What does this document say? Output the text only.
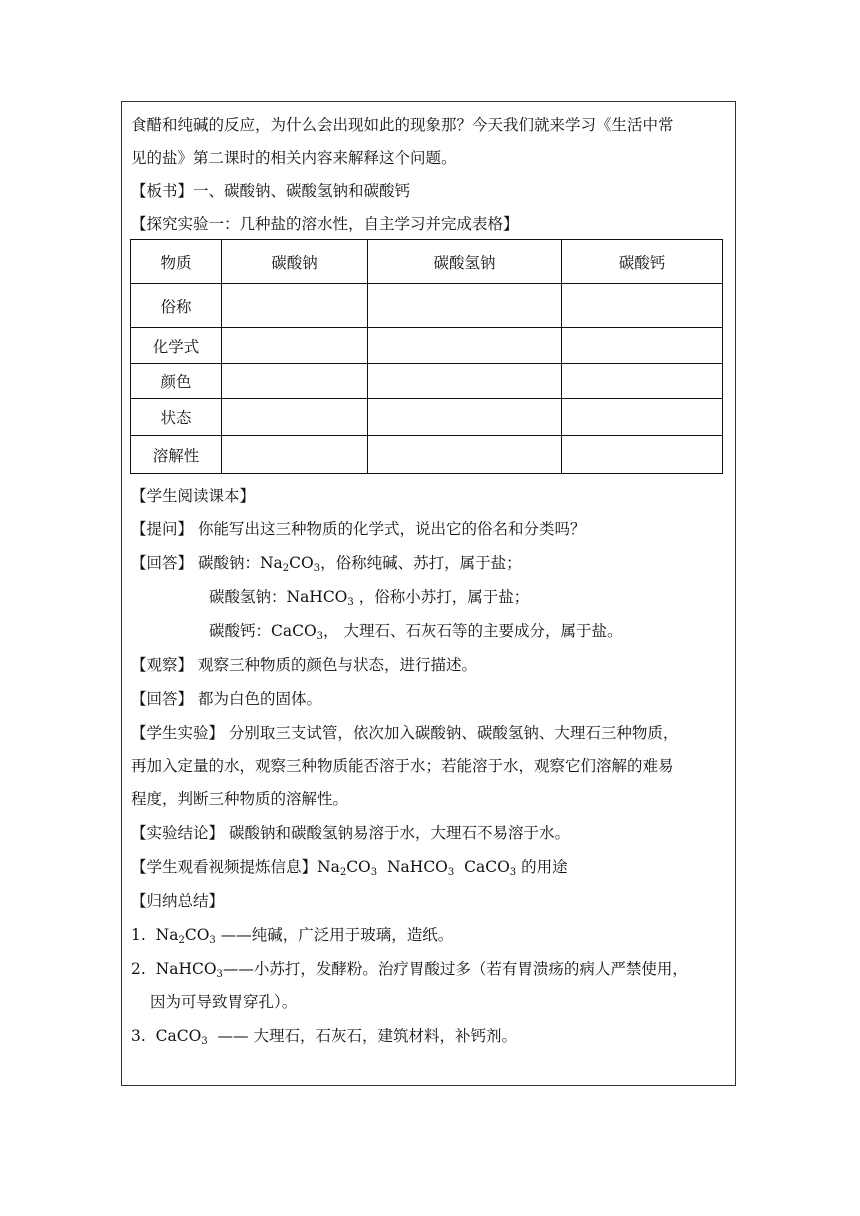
食醋和纯碱的反应，为什么会出现如此的现象那？今天我们就来学习《生活中常
见的盐》第二课时的相关内容来解释这个问题。
【板书】一、碳酸钠、碳酸氢钠和碳酸钙
【探究实验一：几种盐的溶水性，自主学习并完成表格】
物质	碳酸钠	碳酸氢钠	碳酸钙
俗称			
化学式			
颜色			
状态			
溶解性			
【学生阅读课本】
【提问】 你能写出这三种物质的化学式，说出它的俗名和分类吗？
【回答】 碳酸钠：$Na_2CO_3$，俗称纯碱、苏打，属于盐；
碳酸氢钠：NaHCO$_3$ ，俗称小苏打，属于盐；
碳酸钙：CaCO$_3$， 大理石、石灰石等的主要成分，属于盐。
【观察】 观察三种物质的颜色与状态，进行描述。
【回答】 都为白色的固体。
【学生实验】 分别取三支试管，依次加入碳酸钠、碳酸氢钠、大理石三种物质，
再加入定量的水，观察三种物质能否溶于水；若能溶于水，观察它们溶解的难易
程度，判断三种物质的溶解性。
【实验结论】 碳酸钠和碳酸氢钠易溶于水，大理石不易溶于水。
【学生观看视频提炼信息】$Na_2CO_3$  NaHCO$_3$  CaCO$_3$ 的用途
【归纳总结】
1. $Na_2CO_3$ ——纯碱，广泛用于玻璃，造纸。
2. NaHCO$_3$——小苏打，发酵粉。治疗胃酸过多（若有胃溃疡的病人严禁使用，
因为可导致胃穿孔）。
3. CaCO$_3$  —— 大理石，石灰石，建筑材料，补钙剂。
